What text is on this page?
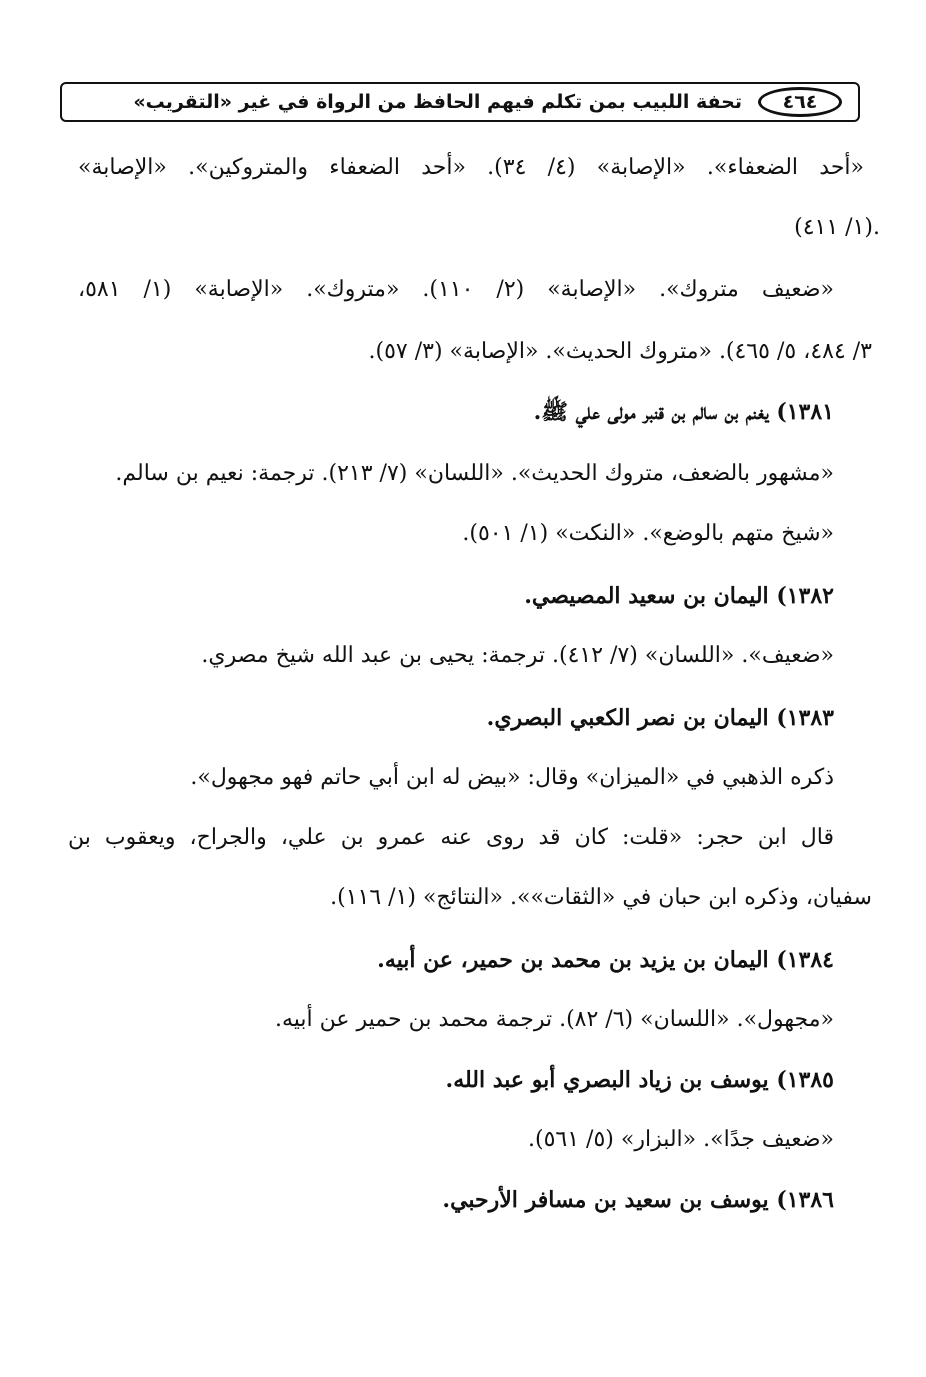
٤٦٤
تحفة اللبيب بمن تكلم فيهم الحافظ من الرواة في غير «التقريب»
«أحد الضعفاء». «الإصابة» (٤/ ٣٤). «أحد الضعفاء والمتروكين». «الإصابة»
(١/ ٤١١).
«ضعيف متروك». «الإصابة» (٢/ ١١٠). «متروك». «الإصابة» (١/ ٥٨١،
٣/ ٤٨٤، ٥/ ٤٦٥). «متروك الحديث». «الإصابة» (٣/ ٥٧).
١٣٨١) يغنم بن سالم بن قنبر مولى علي ﷺ.
«مشهور بالضعف، متروك الحديث». «اللسان» (٧/ ٢١٣). ترجمة: نعيم بن سالم.
«شيخ متهم بالوضع». «النكت» (١/ ٥٠١).
١٣٨٢) اليمان بن سعيد المصيصي.
«ضعيف». «اللسان» (٧/ ٤١٢). ترجمة: يحيى بن عبد الله شيخ مصري.
١٣٨٣) اليمان بن نصر الكعبي البصري.
ذكره الذهبي في «الميزان» وقال: «بيض له ابن أبي حاتم فهو مجهول».
قال ابن حجر: «قلت: كان قد روى عنه عمرو بن علي، والجراح، ويعقوب بن
سفيان، وذكره ابن حبان في «الثقات»». «النتائج» (١/ ١١٦).
١٣٨٤) اليمان بن يزيد بن محمد بن حمير، عن أبيه.
«مجهول». «اللسان» (٦/ ٨٢). ترجمة محمد بن حمير عن أبيه.
١٣٨٥) يوسف بن زياد البصري أبو عبد الله.
«ضعيف جدًا». «البزار» (٥/ ٥٦١).
١٣٨٦) يوسف بن سعيد بن مسافر الأرحبي.
